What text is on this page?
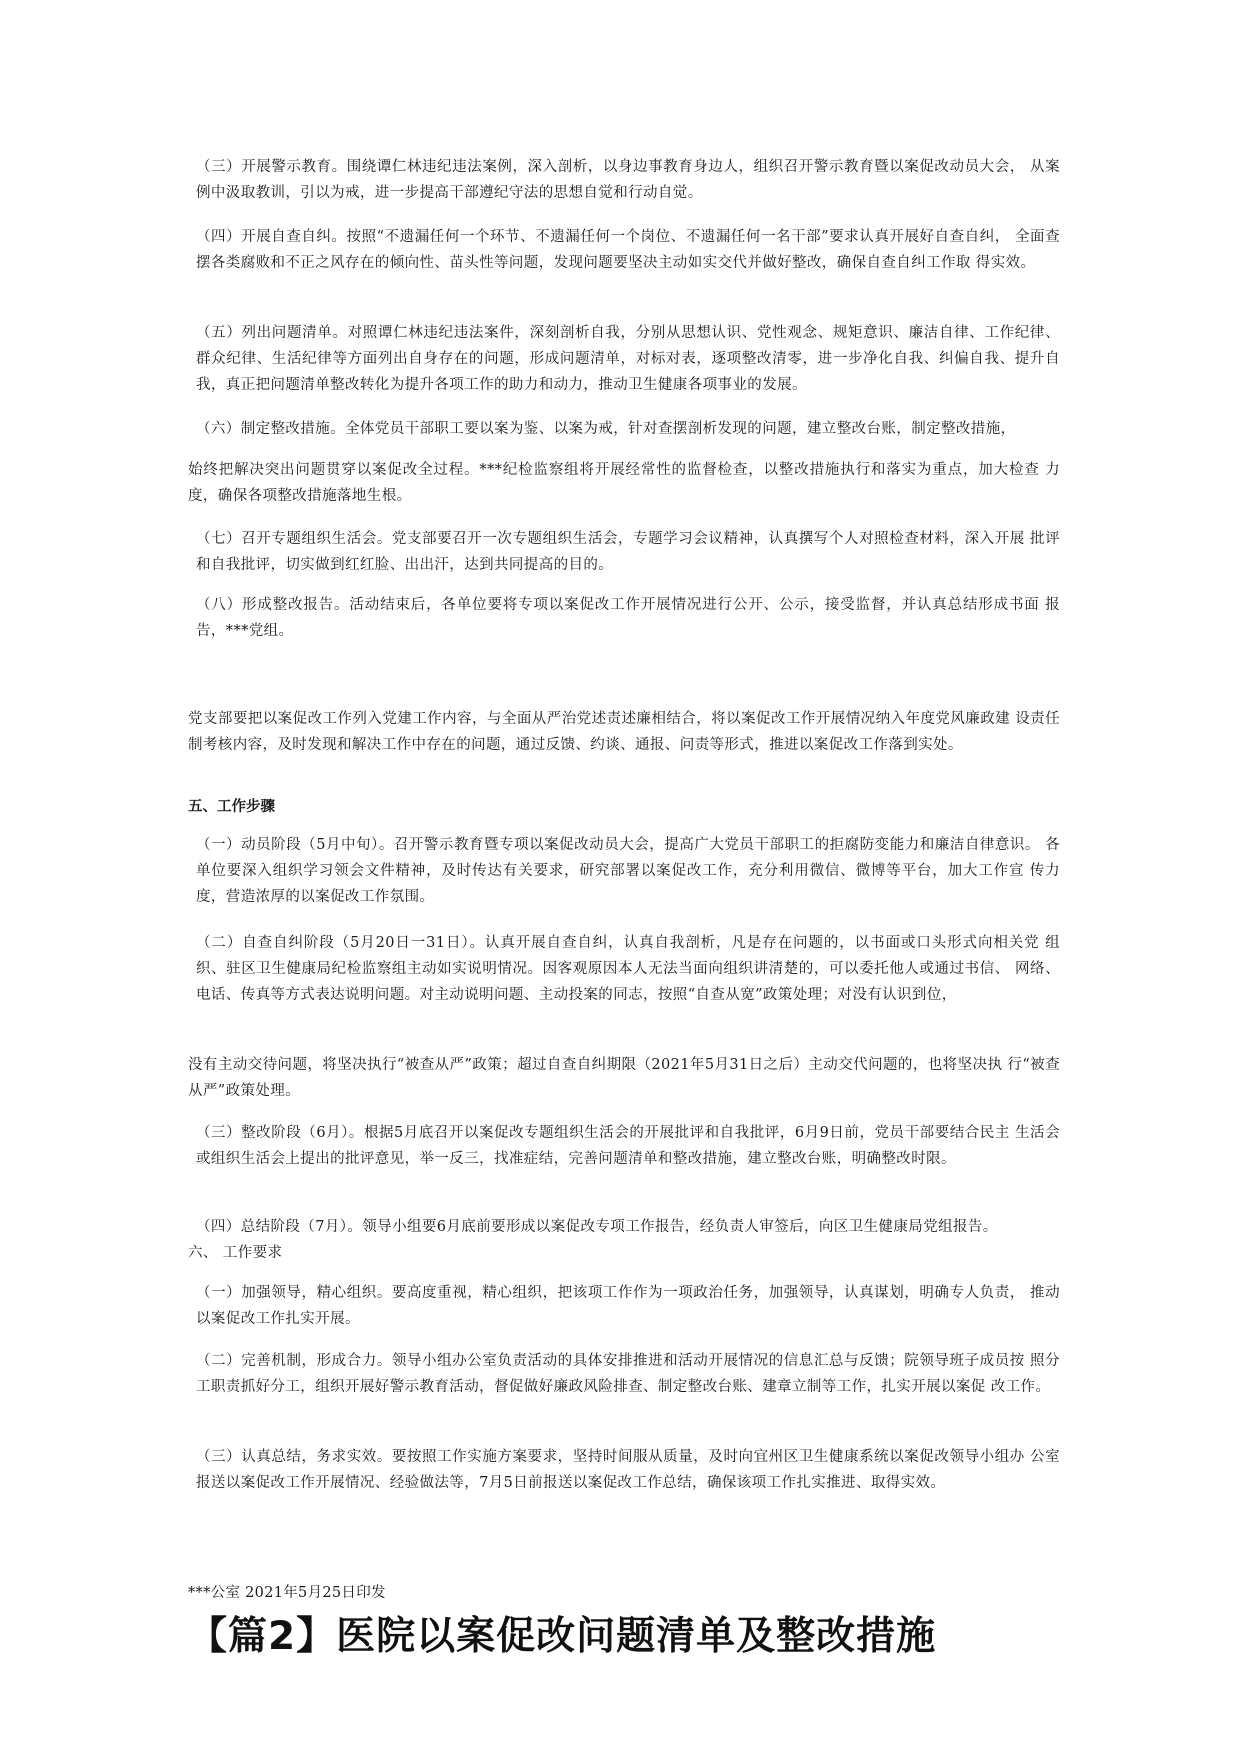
（三）开展警示教育。围绕谭仁林违纪违法案例，深入剖析，以身边事教育身边人，组织召开警示教育暨以案促改动员大会， 从案例中汲取教训，引以为戒，进一步提高干部遵纪守法的思想自觉和行动自觉。

（四）开展自查自纠。按照“不遗漏任何一个环节、不遗漏任何一个岗位、不遗漏任何一名干部”要求认真开展好自查自纠， 全面查摆各类腐败和不正之风存在的倾向性、苗头性等问题，发现问题要坚决主动如实交代并做好整改，确保自查自纠工作取 得实效。

（五）列出问题清单。对照谭仁林违纪违法案件，深刻剖析自我，分别从思想认识、党性观念、规矩意识、廉洁自律、工作纪律、群众纪律、生活纪律等方面列出自身存在的问题，形成问题清单，对标对表，逐项整改清零，进一步净化自我、纠偏自我、提升自我，真正把问题清单整改转化为提升各项工作的助力和动力，推动卫生健康各项事业的发展。

（六）制定整改措施。全体党员干部职工要以案为鉴、以案为戒，针对查摆剖析发现的问题，建立整改台账，制定整改措施，

始终把解决突出问题贯穿以案促改全过程。***纪检监察组将开展经常性的监督检查，以整改措施执行和落实为重点，加大检查 力度，确保各项整改措施落地生根。

（七）召开专题组织生活会。党支部要召开一次专题组织生活会，专题学习会议精神，认真撰写个人对照检查材料，深入开展 批评和自我批评，切实做到红红脸、出出汗，达到共同提高的目的。

（八）形成整改报告。活动结束后，各单位要将专项以案促改工作开展情况进行公开、公示，接受监督，并认真总结形成书面 报告，***党组。

党支部要把以案促改工作列入党建工作内容，与全面从严治党述责述廉相结合，将以案促改工作开展情况纳入年度党风廉政建 设责任制考核内容，及时发现和解决工作中存在的问题，通过反馈、约谈、通报、问责等形式，推进以案促改工作落到实处。

五、工作步骤

（一）动员阶段（5月中旬）。召开警示教育暨专项以案促改动员大会，提高广大党员干部职工的拒腐防变能力和廉洁自律意识。 各单位要深入组织学习领会文件精神，及时传达有关要求，研究部署以案促改工作，充分利用微信、微博等平台，加大工作宣 传力度，营造浓厚的以案促改工作氛围。

（二）自查自纠阶段（5月20日一31日）。认真开展自查自纠，认真自我剖析，凡是存在问题的，以书面或口头形式向相关党 组织、驻区卫生健康局纪检监察组主动如实说明情况。因客观原因本人无法当面向组织讲清楚的，可以委托他人或通过书信、 网络、电话、传真等方式表达说明问题。对主动说明问题、主动投案的同志，按照“自查从宽”政策处理；对没有认识到位，

没有主动交待问题，将坚决执行“被查从严”政策；超过自查自纠期限（2021年5月31日之后）主动交代问题的，也将坚决执 行“被查从严”政策处理。

（三）整改阶段（6月）。根据5月底召开以案促改专题组织生活会的开展批评和自我批评，6月9日前，党员干部要结合民主 生活会或组织生活会上提出的批评意见，举一反三，找准症结，完善问题清单和整改措施，建立整改台账，明确整改时限。

（四）总结阶段（7月）。领导小组要6月底前要形成以案促改专项工作报告，经负责人审签后，向区卫生健康局党组报告。

六、 工作要求

（一）加强领导，精心组织。要高度重视，精心组织，把该项工作作为一项政治任务，加强领导，认真谋划，明确专人负责， 推动以案促改工作扎实开展。

（二）完善机制，形成合力。领导小组办公室负责活动的具体安排推进和活动开展情况的信息汇总与反馈；院领导班子成员按 照分工职责抓好分工，组织开展好警示教育活动，督促做好廉政风险排查、制定整改台账、建章立制等工作，扎实开展以案促 改工作。

（三）认真总结，务求实效。要按照工作实施方案要求，坚持时间服从质量，及时向宜州区卫生健康系统以案促改领导小组办 公室报送以案促改工作开展情况、经验做法等，7月5日前报送以案促改工作总结，确保该项工作扎实推进、取得实效。

***公室 2021年5月25日印发

【篇2】医院以案促改问题清单及整改措施
